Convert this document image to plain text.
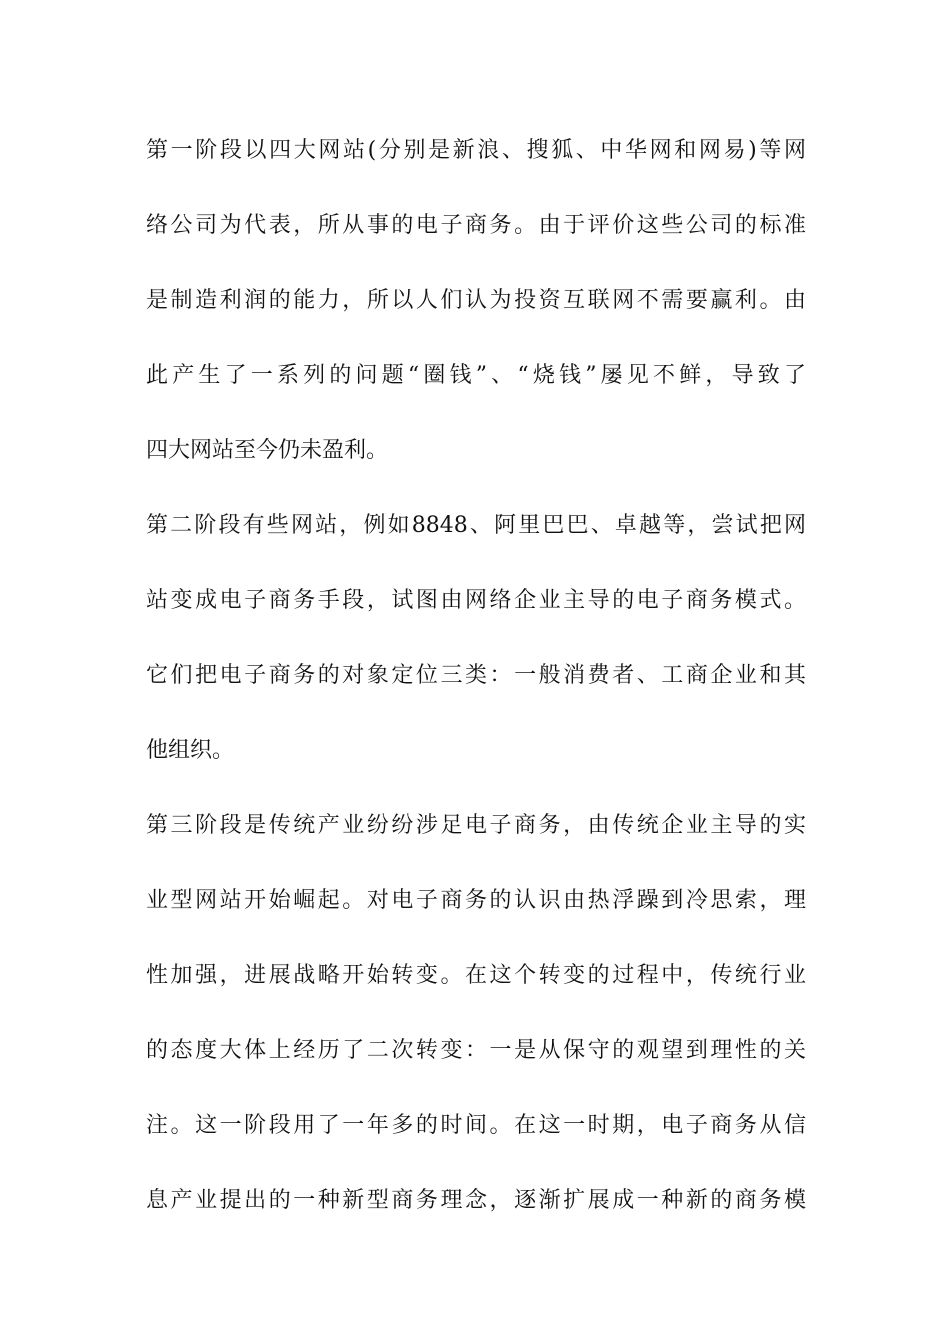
第一阶段以四大网站(分别是新浪、搜狐、中华网和网易)等网
络公司为代表，所从事的电子商务。由于评价这些公司的标准
是制造利润的能力，所以人们认为投资互联网不需要赢利。由
此产生了一系列的问题“圈钱”、“烧钱”屡见不鲜，导致了
四大网站至今仍未盈利。
第二阶段有些网站，例如8848、阿里巴巴、卓越等，尝试把网
站变成电子商务手段，试图由网络企业主导的电子商务模式。
它们把电子商务的对象定位三类：一般消费者、工商企业和其
他组织。
第三阶段是传统产业纷纷涉足电子商务，由传统企业主导的实
业型网站开始崛起。对电子商务的认识由热浮躁到冷思索，理
性加强，进展战略开始转变。在这个转变的过程中，传统行业
的态度大体上经历了二次转变：一是从保守的观望到理性的关
注。这一阶段用了一年多的时间。在这一时期，电子商务从信
息产业提出的一种新型商务理念，逐渐扩展成一种新的商务模
